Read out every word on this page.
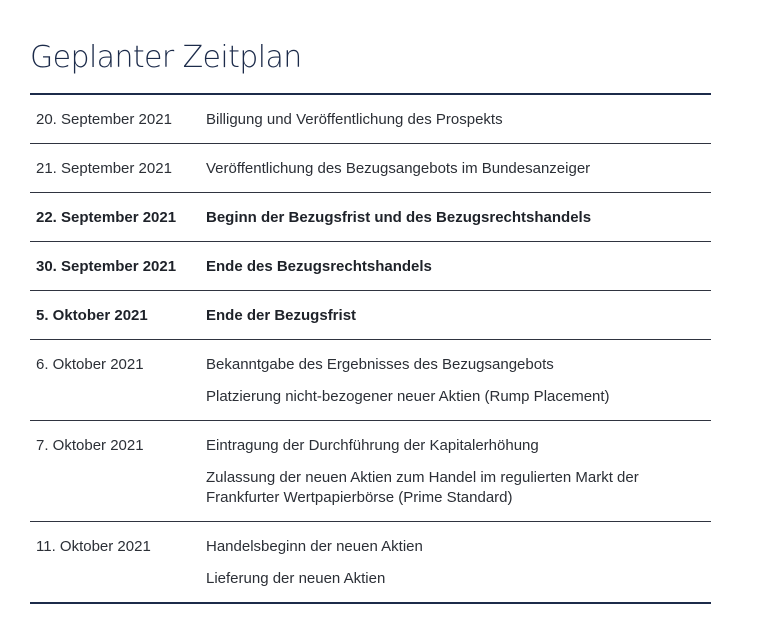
Geplanter Zeitplan
20. September 2021	Billigung und Veröffentlichung des Prospekts
21. September 2021	Veröffentlichung des Bezugsangebots im Bundesanzeiger
22. September 2021	Beginn der Bezugsfrist und des Bezugsrechtshandels
30. September 2021	Ende des Bezugsrechtshandels
5. Oktober 2021	Ende der Bezugsfrist
6. Oktober 2021	Bekanntgabe des Ergebnisses des Bezugsangebots
Platzierung nicht-bezogener neuer Aktien (Rump Placement)
7. Oktober 2021	Eintragung der Durchführung der Kapitalerhöhung
Zulassung der neuen Aktien zum Handel im regulierten Markt der Frankfurter Wertpapierbörse (Prime Standard)
11. Oktober 2021	Handelsbeginn der neuen Aktien
Lieferung der neuen Aktien
